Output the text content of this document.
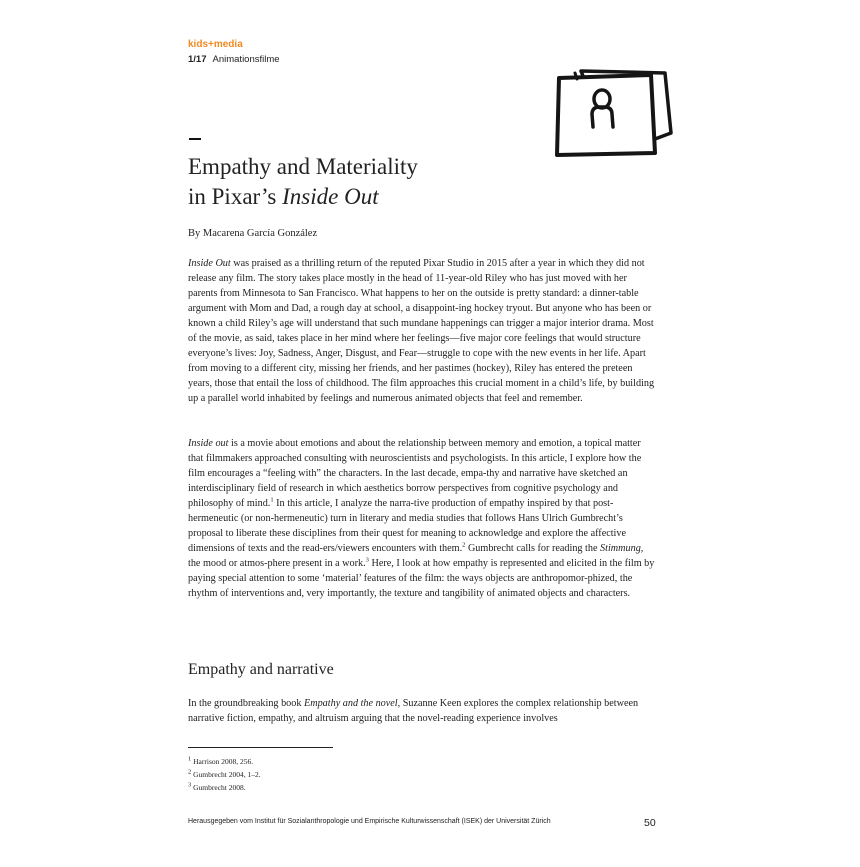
kids+media
1/17 Animationsfilme
Empathy and Materiality
in Pixar’s Inside Out
By Macarena García González

Inside Out was praised as a thrilling return of the reputed Pixar Studio in 2015 after a year in which they did not release any film. The story takes place mostly in the head of 11-year-old Riley who has just moved with her parents from Minnesota to San Francisco. What happens to her on the outside is pretty standard: a dinner-table argument with Mom and Dad, a rough day at school, a disappoint-ing hockey tryout. But anyone who has been or known a child Riley’s age will understand that such mundane happenings can trigger a major interior drama. Most of the movie, as said, takes place in her mind where her feelings—five major core feelings that would structure everyone’s lives: Joy, Sadness, Anger, Disgust, and Fear—struggle to cope with the new events in her life. Apart from moving to a different city, missing her friends, and her pastimes (hockey), Riley has entered the preteen years, those that entail the loss of childhood. The film approaches this crucial moment in a child’s life, by building up a parallel world inhabited by feelings and numerous animated objects that feel and remember.

Inside out is a movie about emotions and about the relationship between memory and emotion, a topical matter that filmmakers approached consulting with neuroscientists and psychologists. In this article, I explore how the film encourages a “feeling with” the characters. In the last decade, empa-thy and narrative have sketched an interdisciplinary field of research in which aesthetics borrow perspectives from cognitive psychology and philosophy of mind.$^1$ In this article, I analyze the narra-tive production of empathy inspired by that post-hermeneutic (or non-hermeneutic) turn in literary and media studies that follows Hans Ulrich Gumbrecht’s proposal to liberate these disciplines from their quest for meaning to acknowledge and explore the affective dimensions of texts and the read-ers/viewers encounters with them.$^2$ Gumbrecht calls for reading the Stimmung, the mood or atmos-phere present in a work.$^3$ Here, I look at how empathy is represented and elicited in the film by paying special attention to some ‘material’ features of the film: the ways objects are anthropomor-phized, the rhythm of interventions and, very importantly, the texture and tangibility of animated objects and characters.

Empathy and narrative

In the groundbreaking book Empathy and the novel, Suzanne Keen explores the complex relationship between narrative fiction, empathy, and altruism arguing that the novel-reading experience involves

$^1$ Harrison 2008, 256.
$^2$ Gumbrecht 2004, 1–2.
$^3$ Gumbrecht 2008.
Herausgegeben vom Institut für Sozialanthropologie und Empirische Kulturwissenschaft (ISEK) der Universität Zürich	50
